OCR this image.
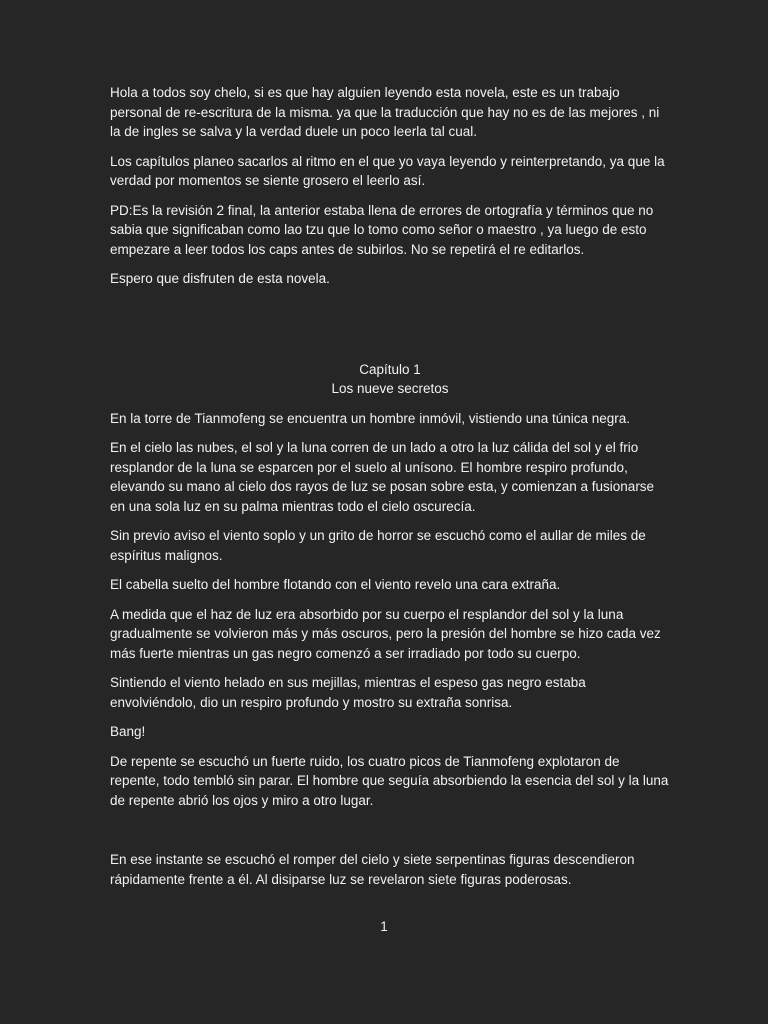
Hola a todos soy chelo, si es que hay alguien leyendo esta novela, este es un trabajo personal de re-escritura de la misma. ya que la traducción que hay no es de las mejores , ni la de ingles se salva y la verdad duele un poco leerla tal cual.

Los capítulos planeo sacarlos al ritmo en el que yo vaya leyendo y reinterpretando, ya que la verdad por momentos se siente grosero el leerlo así.

PD:Es la revisión 2 final, la anterior estaba llena de errores de ortografía y términos que no sabia que significaban como lao tzu que lo tomo como señor o maestro , ya luego de esto empezare a leer todos los caps antes de subirlos. No se repetirá el re editarlos.

Espero que disfruten de esta novela.

Capítulo 1
Los nueve secretos

En la torre de Tianmofeng se encuentra un hombre inmóvil, vistiendo una túnica negra.

En el cielo las nubes, el sol y la luna corren de un lado a otro la luz cálida del sol y el frio resplandor de la luna se esparcen por el suelo al unísono. El hombre respiro profundo, elevando su mano al cielo dos rayos de luz se posan sobre esta, y comienzan a fusionarse en una sola luz en su palma mientras todo el cielo oscurecía.

Sin previo aviso el viento soplo y un grito de horror se escuchó como el aullar de miles de espíritus malignos.

El cabella suelto del hombre flotando con el viento revelo una cara extraña.

A medida que el haz de luz era absorbido por su cuerpo el resplandor del sol y la luna gradualmente se volvieron más y más oscuros, pero la presión del hombre se hizo cada vez más fuerte mientras un gas negro comenzó a ser irradiado por todo su cuerpo.

Sintiendo el viento helado en sus mejillas, mientras el espeso gas negro estaba envolviéndolo, dio un respiro profundo y mostro su extraña sonrisa.

Bang!

De repente se escuchó un fuerte ruido, los cuatro picos de Tianmofeng explotaron de repente, todo tembló sin parar. El hombre que seguía absorbiendo la esencia del sol y la luna de repente abrió los ojos y miro a otro lugar.

En ese instante se escuchó el romper del cielo y siete serpentinas figuras descendieron rápidamente frente a él. Al disiparse luz se revelaron siete figuras poderosas.

1
